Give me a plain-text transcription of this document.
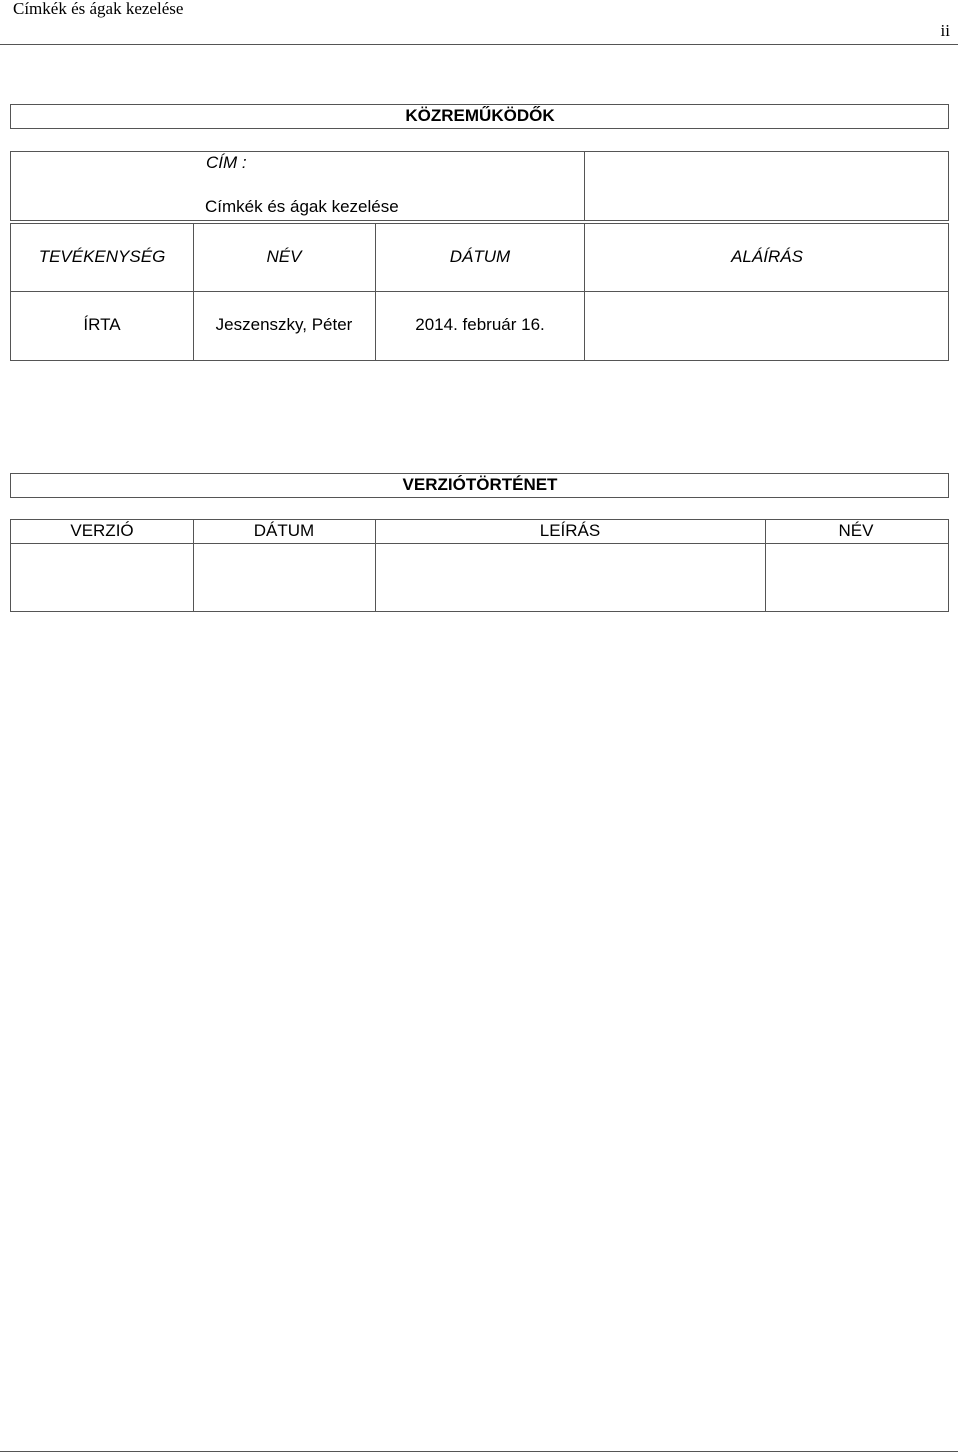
Címkék és ágak kezelése
ii
KÖZREMŰKÖDŐK
CÍM :
Címkék és ágak kezelése
TEVÉKENYSÉG	NÉV	DÁTUM	ALÁÍRÁS
ÍRTA	Jeszenszky, Péter	2014. február 16.
VERZIÓTÖRTÉNET
VERZIÓ	DÁTUM	LEÍRÁS	NÉV
